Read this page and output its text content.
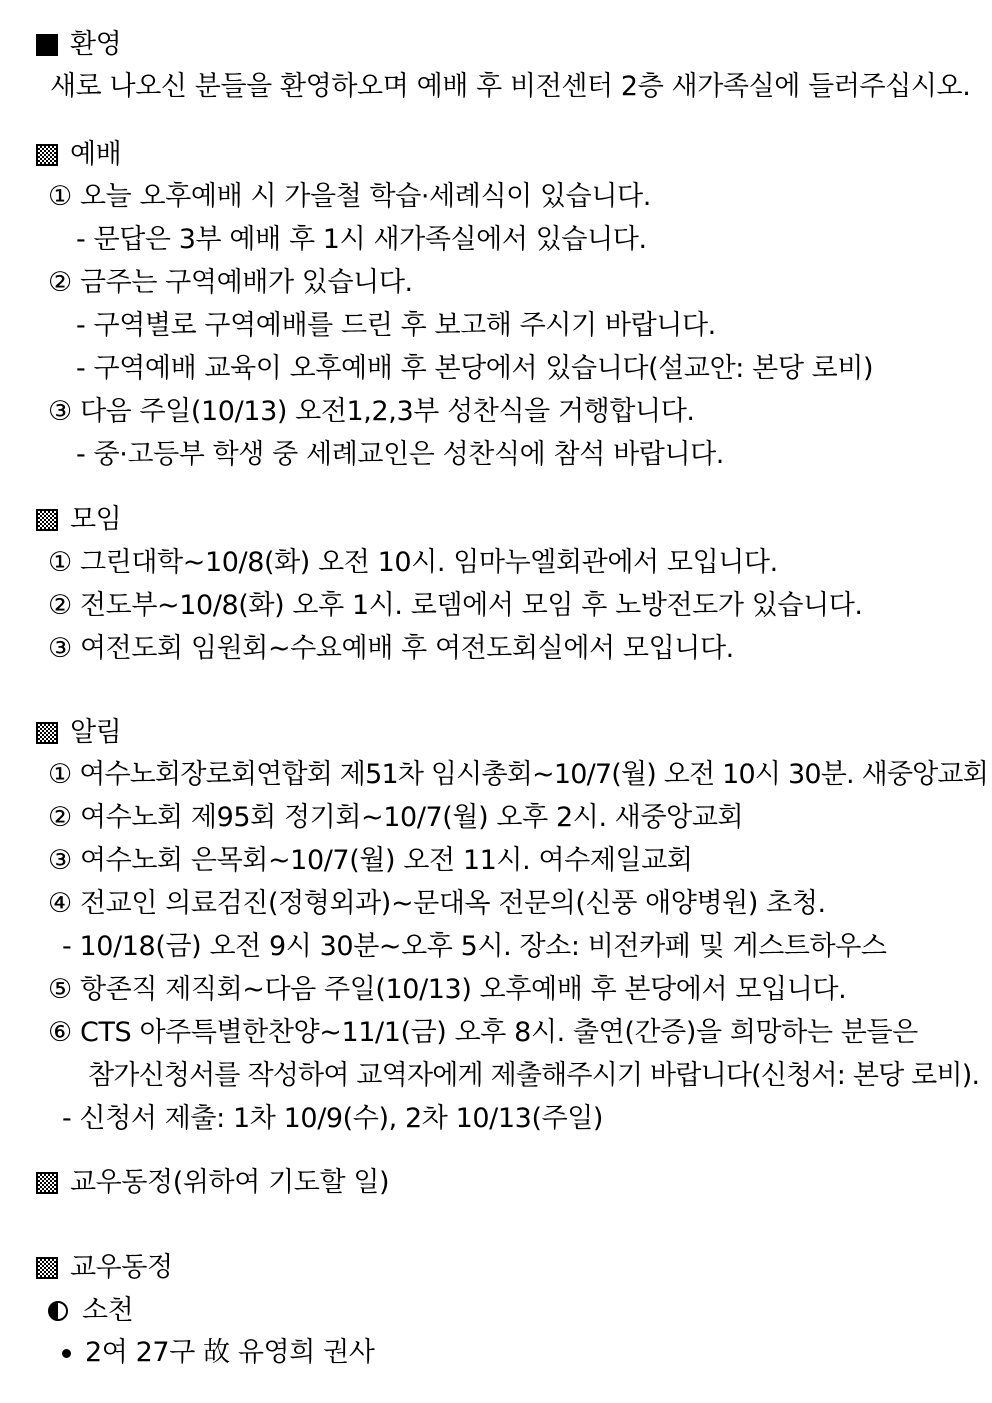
환영
새로 나오신 분들을 환영하오며 예배 후 비전센터 2층 새가족실에 들러주십시오.
예배
① 오늘 오후예배 시 가을철 학습·세례식이 있습니다.
- 문답은 3부 예배 후 1시 새가족실에서 있습니다.
② 금주는 구역예배가 있습니다.
- 구역별로 구역예배를 드린 후 보고해 주시기 바랍니다.
- 구역예배 교육이 오후예배 후 본당에서 있습니다(설교안: 본당 로비)
③ 다음 주일(10/13) 오전1,2,3부 성찬식을 거행합니다.
- 중·고등부 학생 중 세례교인은 성찬식에 참석 바랍니다.
모임
① 그린대학~10/8(화) 오전 10시. 임마누엘회관에서 모입니다.
② 전도부~10/8(화) 오후 1시. 로뎀에서 모임 후 노방전도가 있습니다.
③ 여전도회 임원회~수요예배 후 여전도회실에서 모입니다.
알림
① 여수노회장로회연합회 제51차 임시총회~10/7(월) 오전 10시 30분. 새중앙교회
② 여수노회 제95회 정기회~10/7(월) 오후 2시. 새중앙교회
③ 여수노회 은목회~10/7(월) 오전 11시. 여수제일교회
④ 전교인 의료검진(정형외과)~문대옥 전문의(신풍 애양병원) 초청.
- 10/18(금) 오전 9시 30분~오후 5시. 장소: 비전카페 및 게스트하우스
⑤ 항존직 제직회~다음 주일(10/13) 오후예배 후 본당에서 모입니다.
⑥ CTS 아주특별한찬양~11/1(금) 오후 8시. 출연(간증)을 희망하는 분들은
참가신청서를 작성하여 교역자에게 제출해주시기 바랍니다(신청서: 본당 로비).
- 신청서 제출: 1차 10/9(수), 2차 10/13(주일)
교우동정(위하여 기도할 일)
교우동정
소천
2여 27구 故 유영희 권사
